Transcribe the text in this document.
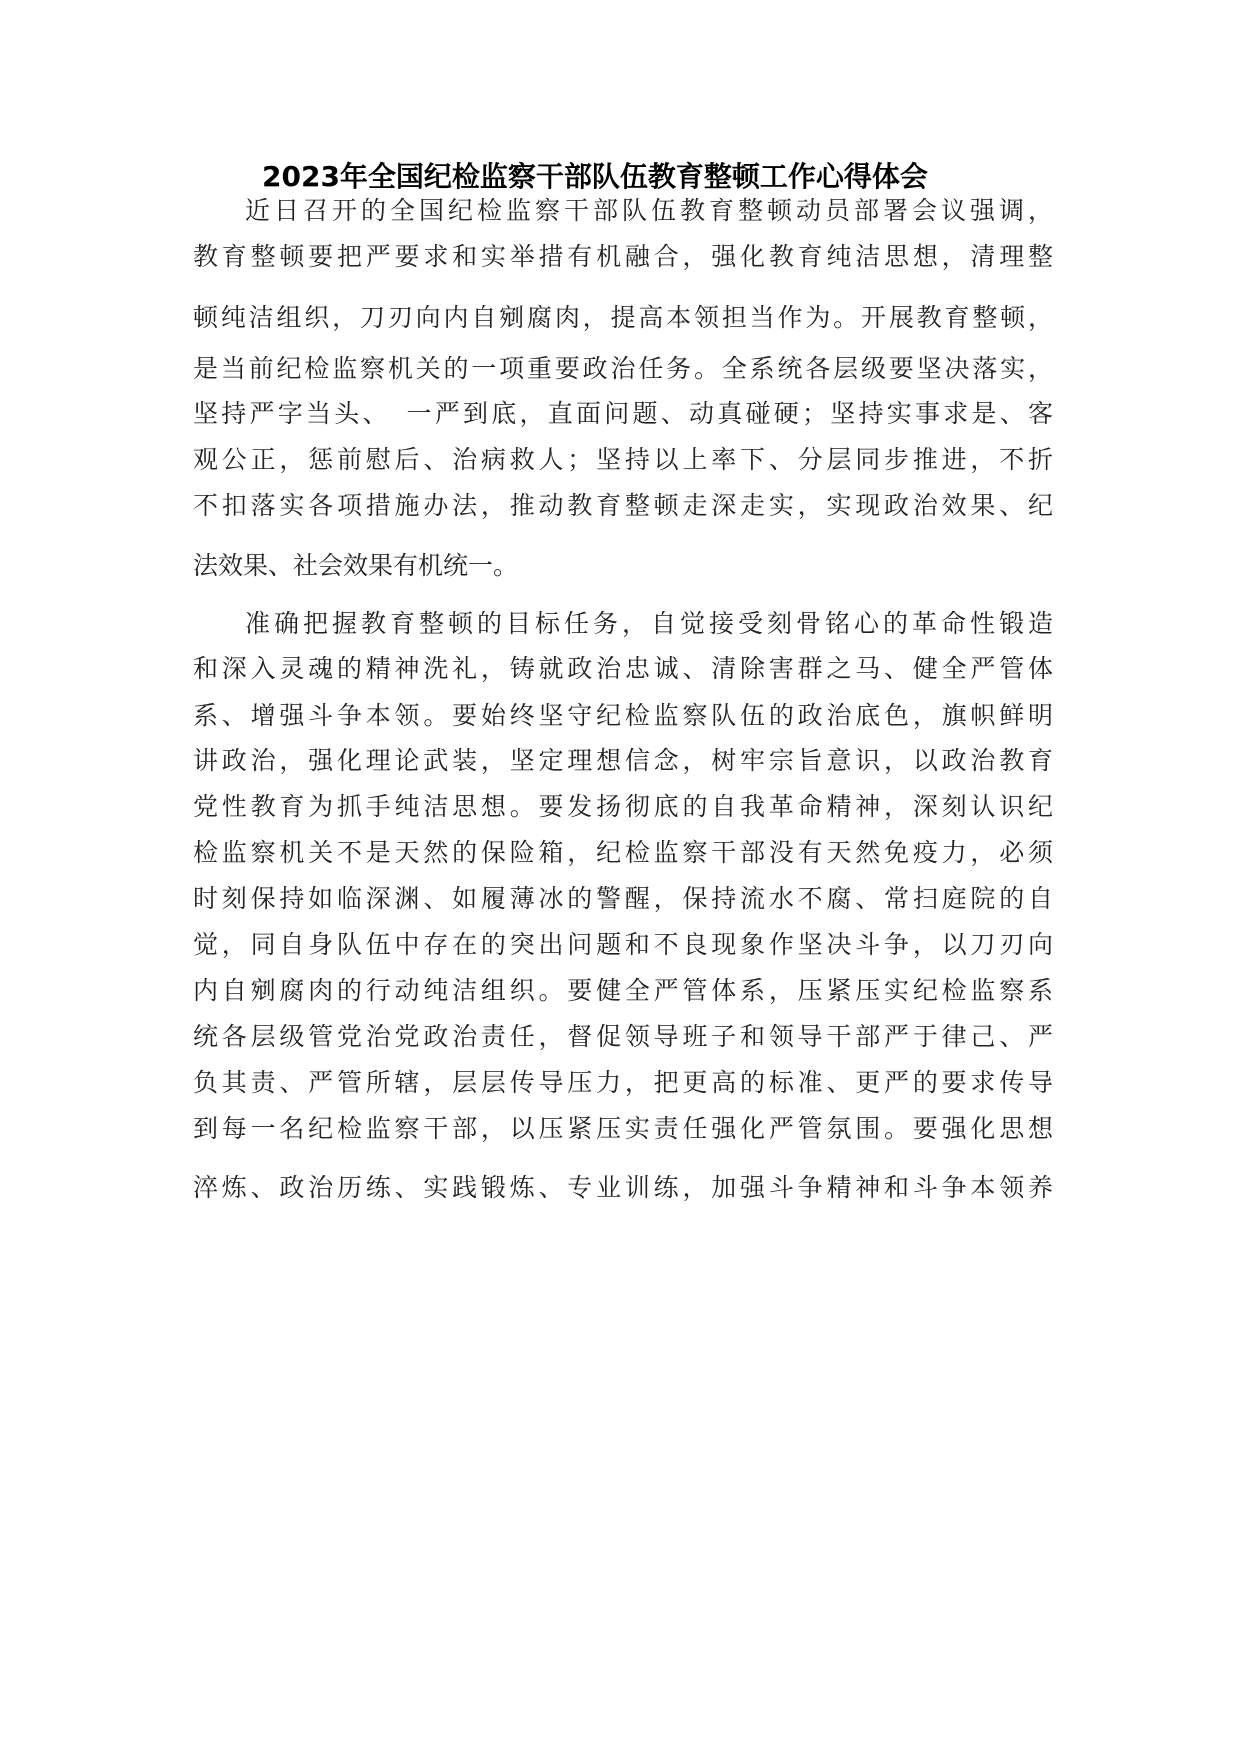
2023年全国纪检监察干部队伍教育整顿工作心得体会

近日召开的全国纪检监察干部队伍教育整顿动员部署会议强调，

教育整顿要把严要求和实举措有机融合，强化教育纯洁思想，清理整

顿纯洁组织，刀刃向内自剜腐肉，提高本领担当作为。开展教育整顿，

是当前纪检监察机关的一项重要政治任务。全系统各层级要坚决落实，

坚持严字当头、　一严到底，直面问题、动真碰硬；坚持实事求是、客

观公正，惩前慰后、治病救人；坚持以上率下、分层同步推进，不折

不扣落实各项措施办法，推动教育整顿走深走实，实现政治效果、纪

法效果、社会效果有机统一。

准确把握教育整顿的目标任务，自觉接受刻骨铭心的革命性锻造

和深入灵魂的精神洗礼，铸就政治忠诚、清除害群之马、健全严管体

系、增强斗争本领。要始终坚守纪检监察队伍的政治底色，旗帜鲜明

讲政治，强化理论武装，坚定理想信念，树牢宗旨意识，以政治教育

党性教育为抓手纯洁思想。要发扬彻底的自我革命精神，深刻认识纪

检监察机关不是天然的保险箱，纪检监察干部没有天然免疫力，必须

时刻保持如临深渊、如履薄冰的警醒，保持流水不腐、常扫庭院的自

觉，同自身队伍中存在的突出问题和不良现象作坚决斗争，以刀刃向

内自剜腐肉的行动纯洁组织。要健全严管体系，压紧压实纪检监察系

统各层级管党治党政治责任，督促领导班子和领导干部严于律己、严

负其责、严管所辖，层层传导压力，把更高的标准、更严的要求传导

到每一名纪检监察干部，以压紧压实责任强化严管氛围。要强化思想

淬炼、政治历练、实践锻炼、专业训练，加强斗争精神和斗争本领养
